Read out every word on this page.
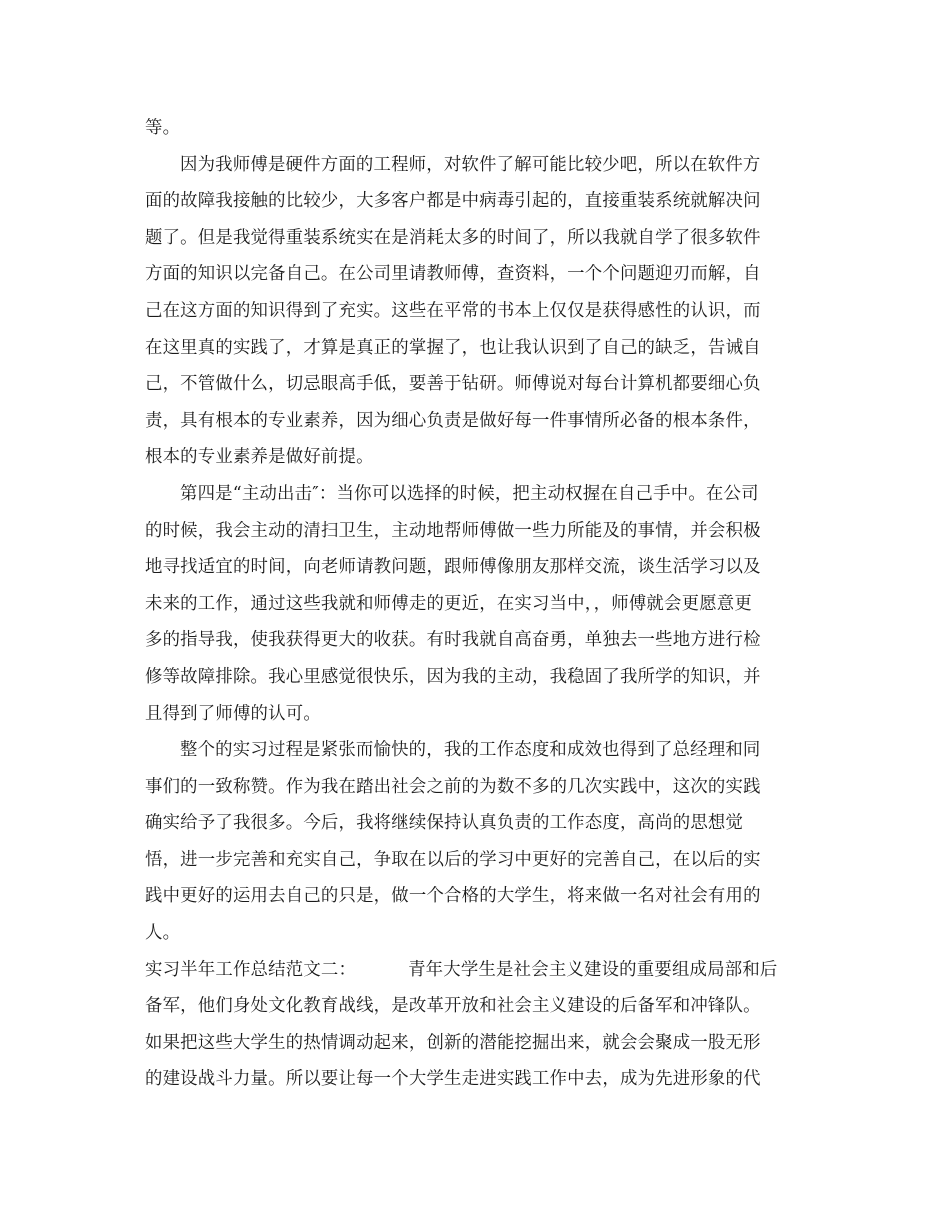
等。
因为我师傅是硬件方面的工程师，对软件了解可能比较少吧，所以在软件方
面的故障我接触的比较少，大多客户都是中病毒引起的，直接重装系统就解决问
题了。但是我觉得重装系统实在是消耗太多的时间了，所以我就自学了很多软件
方面的知识以完备自己。在公司里请教师傅，查资料，一个个问题迎刃而解，自
己在这方面的知识得到了充实。这些在平常的书本上仅仅是获得感性的认识，而
在这里真的实践了，才算是真正的掌握了，也让我认识到了自己的缺乏，告诫自
己，不管做什么，切忌眼高手低，要善于钻研。师傅说对每台计算机都要细心负
责，具有根本的专业素养，因为细心负责是做好每一件事情所必备的根本条件，
根本的专业素养是做好前提。
第四是“主动出击″：当你可以选择的时候，把主动权握在自己手中。在公司
的时候，我会主动的清扫卫生，主动地帮师傅做一些力所能及的事情，并会积极
地寻找适宜的时间，向老师请教问题，跟师傅像朋友那样交流，谈生活学习以及
未来的工作，通过这些我就和师傅走的更近，在实习当中，，师傅就会更愿意更
多的指导我，使我获得更大的收获。有时我就自高奋勇，单独去一些地方进行检
修等故障排除。我心里感觉很快乐，因为我的主动，我稳固了我所学的知识，并
且得到了师傅的认可。
整个的实习过程是紧张而愉快的，我的工作态度和成效也得到了总经理和同
事们的一致称赞。作为我在踏出社会之前的为数不多的几次实践中，这次的实践
确实给予了我很多。今后，我将继续保持认真负责的工作态度，高尚的思想觉
悟，进一步完善和充实自己，争取在以后的学习中更好的完善自己，在以后的实
践中更好的运用去自己的只是，做一个合格的大学生，将来做一名对社会有用的
人。
实习半年工作总结范文二：	青年大学生是社会主义建设的重要组成局部和后
备军，他们身处文化教育战线，是改革开放和社会主义建设的后备军和冲锋队。
如果把这些大学生的热情调动起来，创新的潜能挖掘出来，就会会聚成一股无形
的建设战斗力量。所以要让每一个大学生走进实践工作中去，成为先进形象的代
